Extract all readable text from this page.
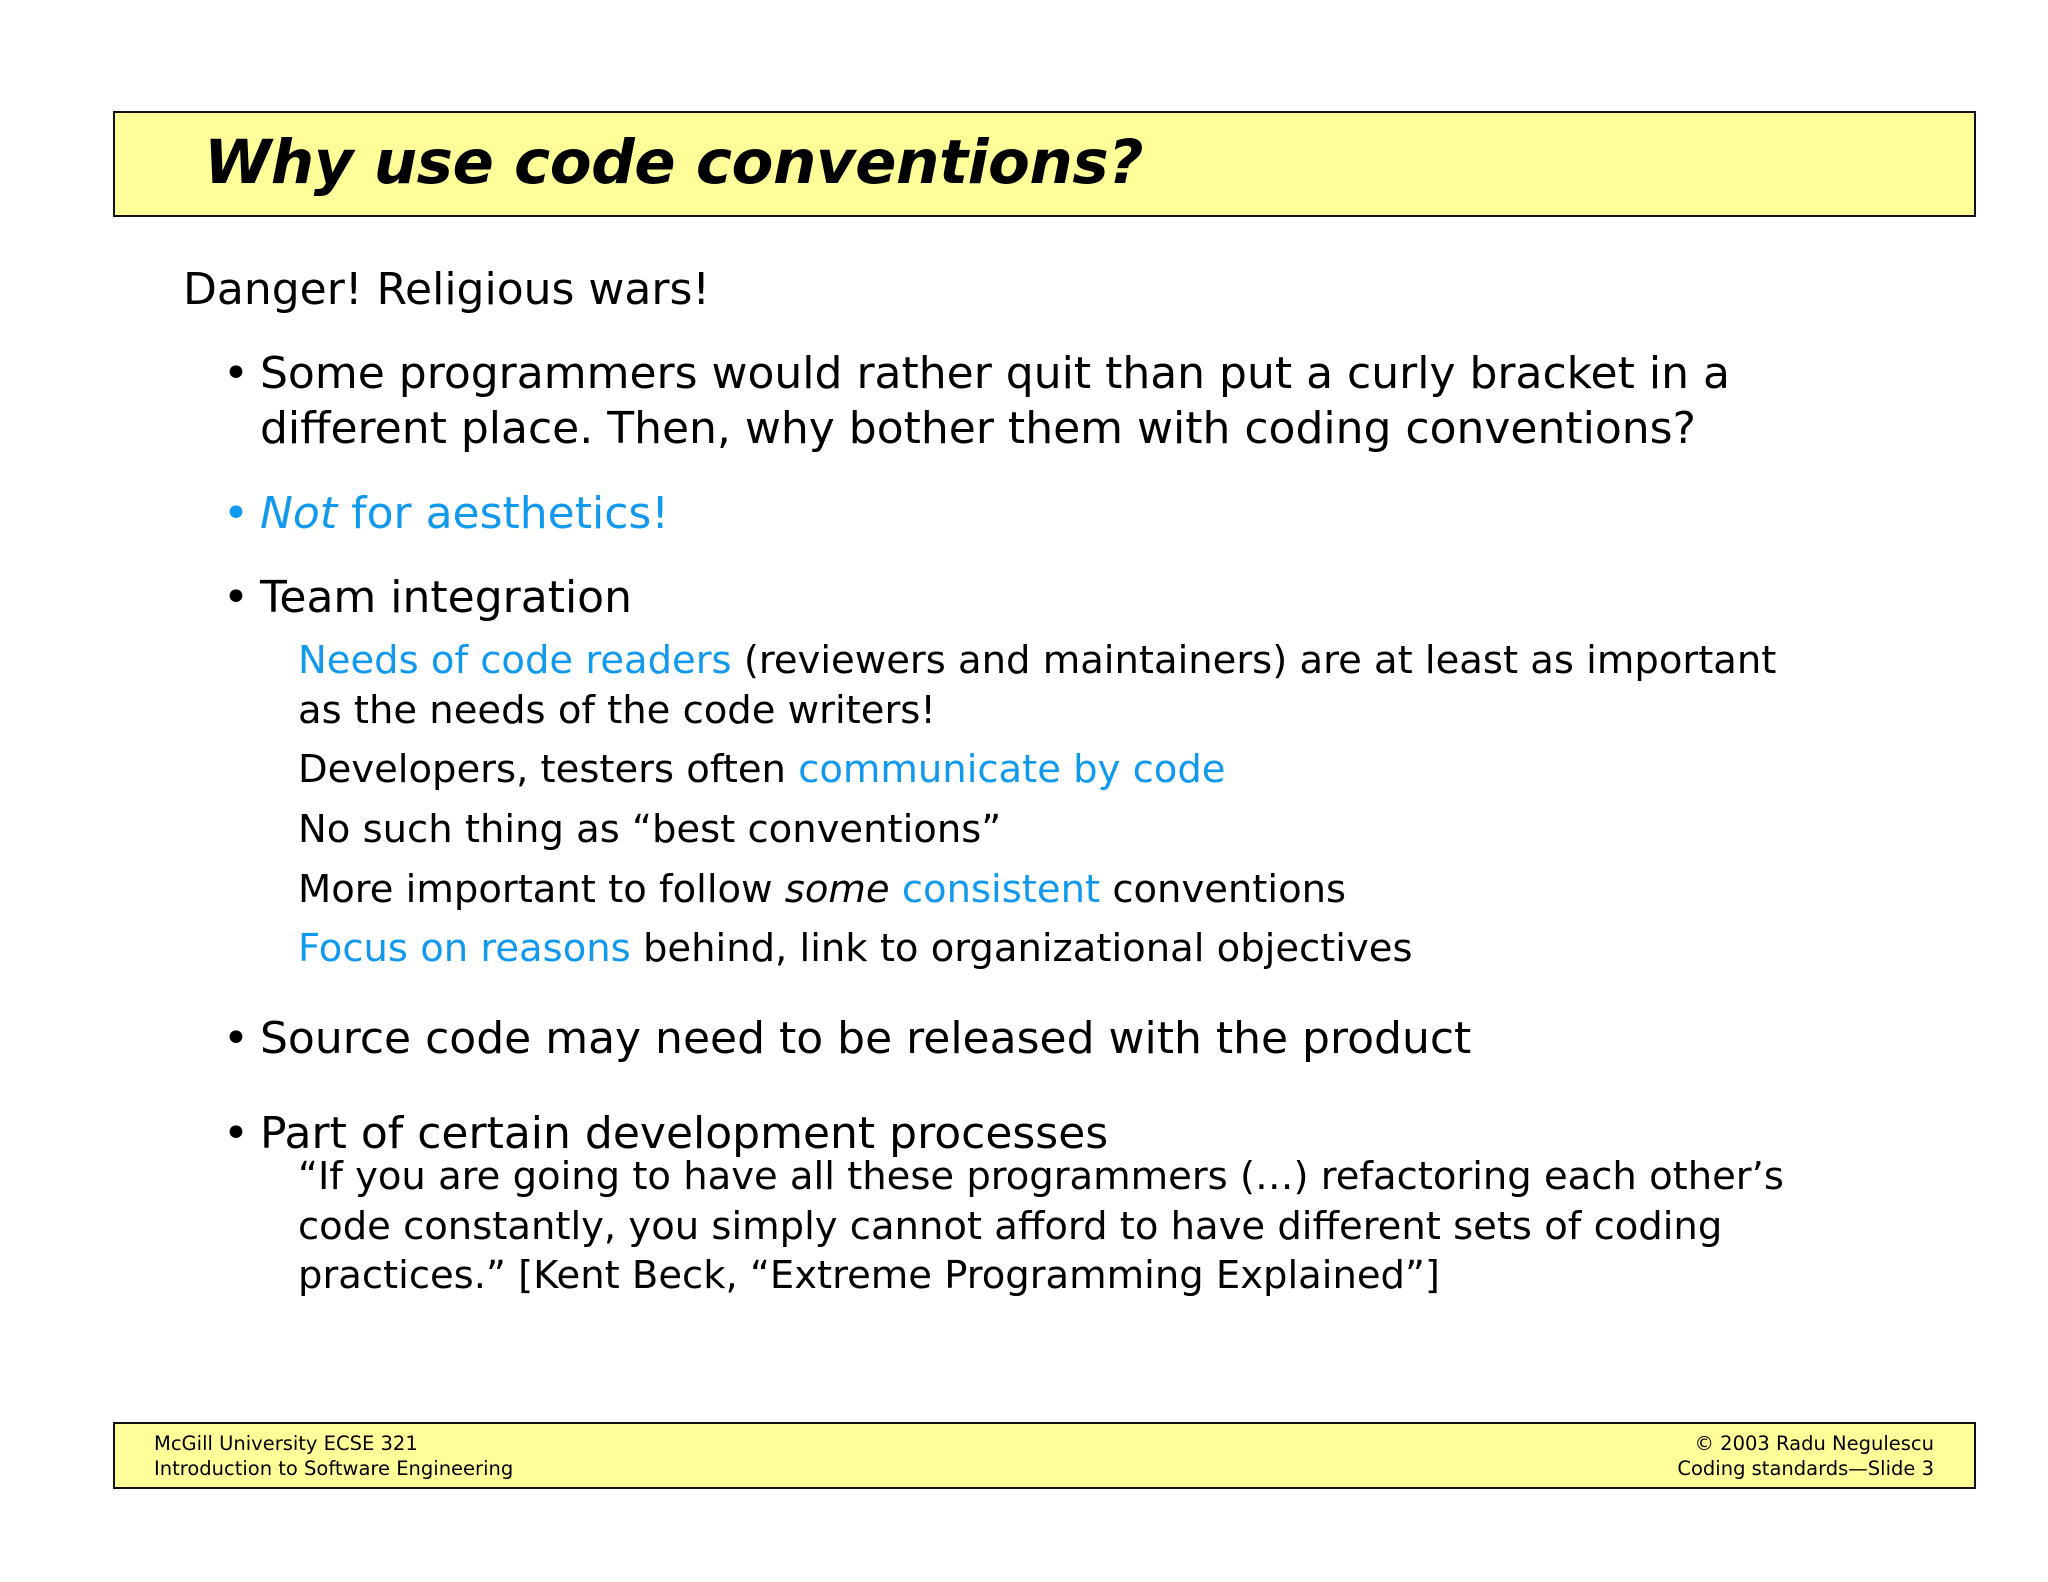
Why use code conventions?
Danger! Religious wars!
• Some programmers would rather quit than put a curly bracket in a
different place. Then, why bother them with coding conventions?
• Not for aesthetics!
• Team integration
Needs of code readers (reviewers and maintainers) are at least as important
as the needs of the code writers!
Developers, testers often communicate by code
No such thing as “best conventions”
More important to follow some consistent conventions
Focus on reasons behind, link to organizational objectives
• Source code may need to be released with the product
• Part of certain development processes
“If you are going to have all these programmers (…) refactoring each other’s
code constantly, you simply cannot afford to have different sets of coding
practices.” [Kent Beck, “Extreme Programming Explained”]
McGill University ECSE 321
Introduction to Software Engineering
© 2003 Radu Negulescu
Coding standards—Slide 3
